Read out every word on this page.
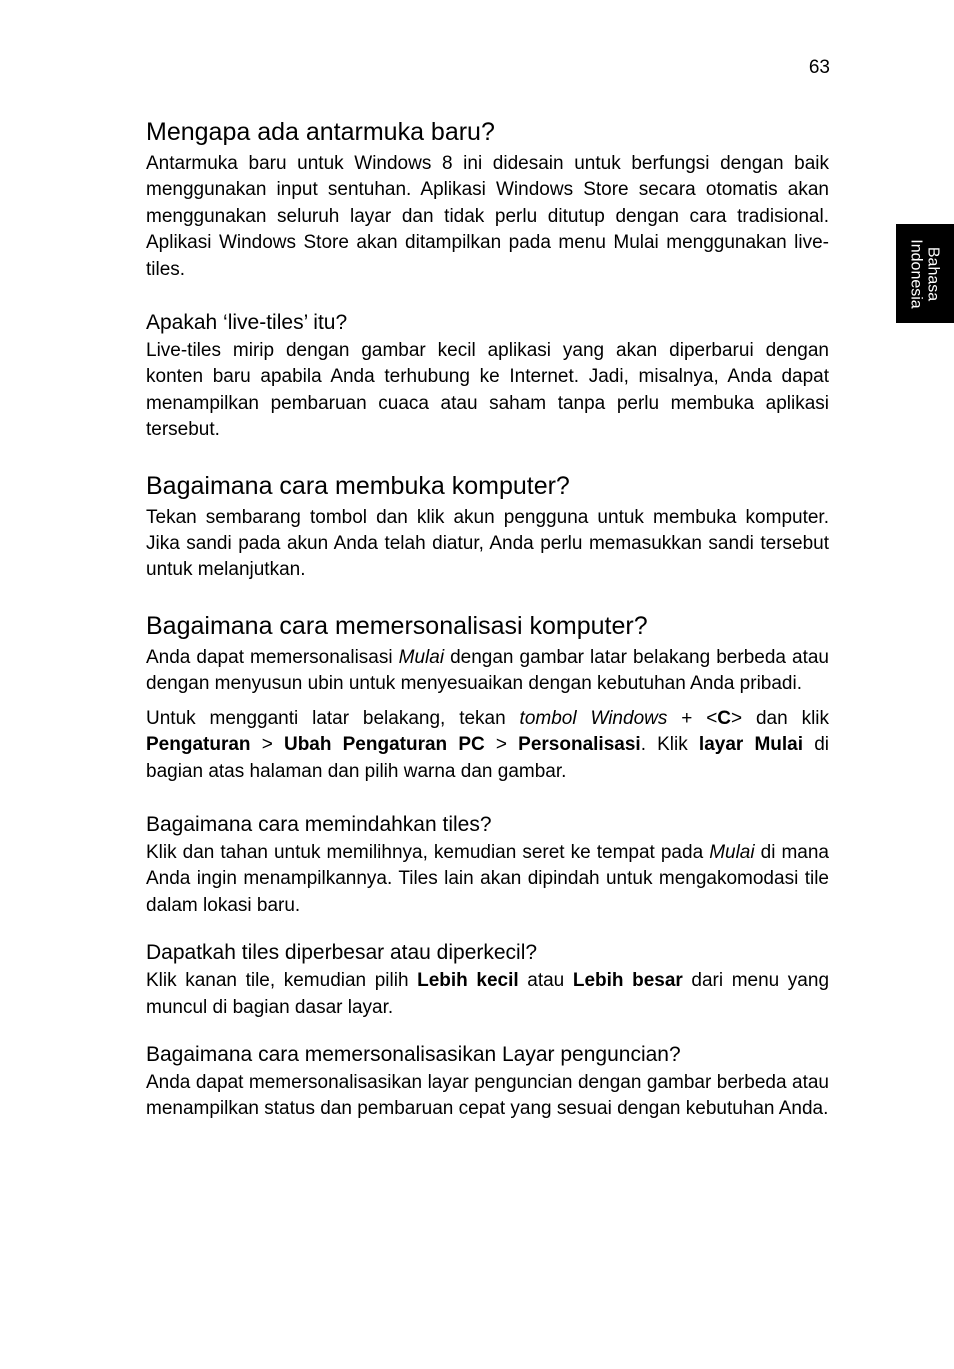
63
Bahasa
Indonesia
Mengapa ada antarmuka baru?

Antarmuka baru untuk Windows 8 ini didesain untuk berfungsi dengan baik menggunakan input sentuhan. Aplikasi Windows Store secara otomatis akan menggunakan seluruh layar dan tidak perlu ditutup dengan cara tradisional. Aplikasi Windows Store akan ditampilkan pada menu Mulai menggunakan live-tiles.

Apakah ‘live-tiles’ itu?

Live-tiles mirip dengan gambar kecil aplikasi yang akan diperbarui dengan konten baru apabila Anda terhubung ke Internet. Jadi, misalnya, Anda dapat menampilkan pembaruan cuaca atau saham tanpa perlu membuka aplikasi tersebut.

Bagaimana cara membuka komputer?

Tekan sembarang tombol dan klik akun pengguna untuk membuka komputer. Jika sandi pada akun Anda telah diatur, Anda perlu memasukkan sandi tersebut untuk melanjutkan.

Bagaimana cara memersonalisasi komputer?

Anda dapat memersonalisasi Mulai dengan gambar latar belakang berbeda atau dengan menyusun ubin untuk menyesuaikan dengan kebutuhan Anda pribadi.

Untuk mengganti latar belakang, tekan tombol Windows + <C> dan klik Pengaturan > Ubah Pengaturan PC > Personalisasi. Klik layar Mulai di bagian atas halaman dan pilih warna dan gambar.

Bagaimana cara memindahkan tiles?

Klik dan tahan untuk memilihnya, kemudian seret ke tempat pada Mulai di mana Anda ingin menampilkannya. Tiles lain akan dipindah untuk mengakomodasi tile dalam lokasi baru.

Dapatkah tiles diperbesar atau diperkecil?

Klik kanan tile, kemudian pilih Lebih kecil atau Lebih besar dari menu yang muncul di bagian dasar layar.

Bagaimana cara memersonalisasikan Layar penguncian?

Anda dapat memersonalisasikan layar penguncian dengan gambar berbeda atau menampilkan status dan pembaruan cepat yang sesuai dengan kebutuhan Anda.
